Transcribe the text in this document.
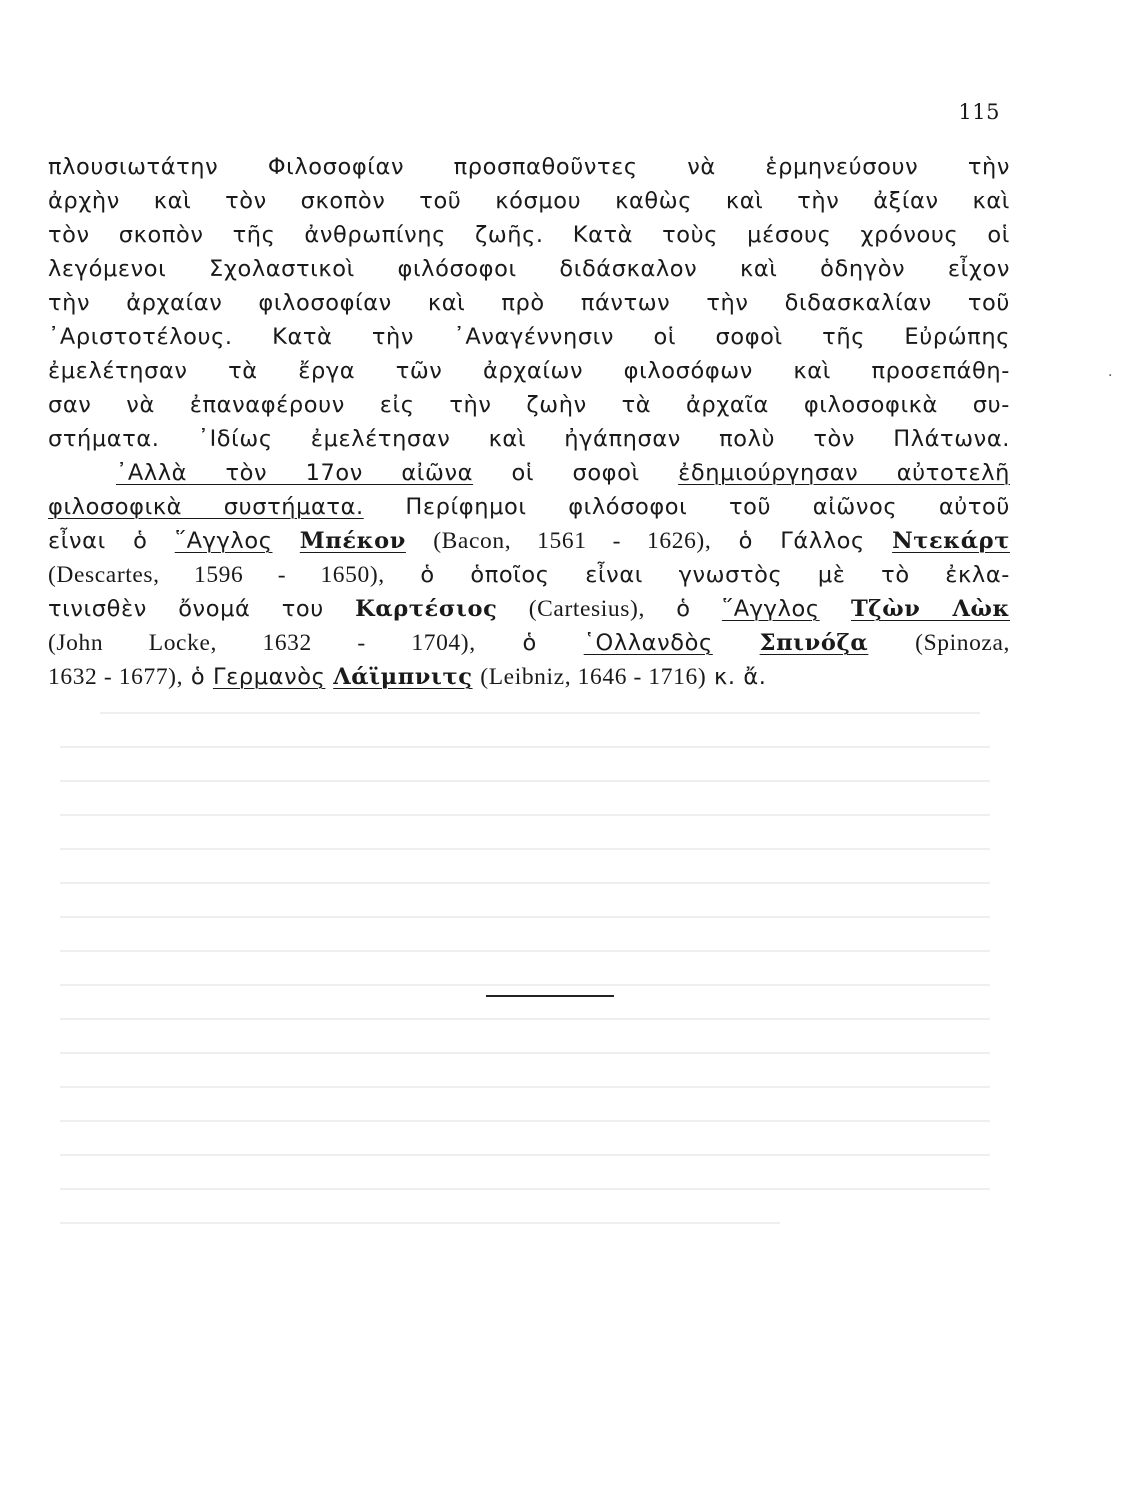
115
πλουσιωτάτην Φιλοσοφίαν προσπαθοῦντες νὰ ἑρμηνεύσουν τὴν
ἀρχὴν καὶ τὸν σκοπὸν τοῦ κόσμου καθὼς καὶ τὴν ἀξίαν καὶ
τὸν σκοπὸν τῆς ἀνθρωπίνης ζωῆς. Κατὰ τοὺς μέσους χρόνους οἱ
λεγόμενοι Σχολαστικοὶ φιλόσοφοι διδάσκαλον καὶ ὁδηγὸν εἶχον
τὴν ἀρχαίαν φιλοσοφίαν καὶ πρὸ πάντων τὴν διδασκαλίαν τοῦ
᾿Αριστοτέλους. Κατὰ τὴν ᾿Αναγέννησιν οἱ σοφοὶ τῆς Εὐρώπης
ἐμελέτησαν τὰ ἔργα τῶν ἀρχαίων φιλοσόφων καὶ προσεπάθη-
σαν νὰ ἐπαναφέρουν εἰς τὴν ζωὴν τὰ ἀρχαῖα φιλοσοφικὰ συ-
στήματα. ᾿Ιδίως ἐμελέτησαν καὶ ἠγάπησαν πολὺ τὸν Πλάτωνα.
᾿Αλλὰ τὸν 17ον αἰῶνα οἱ σοφοὶ ἐδημιούργησαν αὐτοτελῆ
φιλοσοφικὰ συστήματα. Περίφημοι φιλόσοφοι τοῦ αἰῶνος αὐτοῦ
εἶναι ὁ ῞Αγγλος Μπέκον (Bacon, 1561 - 1626), ὁ Γάλλος Ντεκάρτ
(Descartes, 1596 - 1650), ὁ ὁποῖος εἶναι γνωστὸς μὲ τὸ ἐκλα-
τινισθὲν ὄνομά του Καρτέσιος (Cartesius), ὁ ῞Αγγλος Τζὼν Λὼκ
(John Locke, 1632 - 1704), ὁ ῾Ολλανδὸς Σπινόζα (Spinoza,
1632 - 1677), ὁ Γερμανὸς Λάϊμπνιτς (Leibniz, 1646 - 1716) κ. ἄ.
·
